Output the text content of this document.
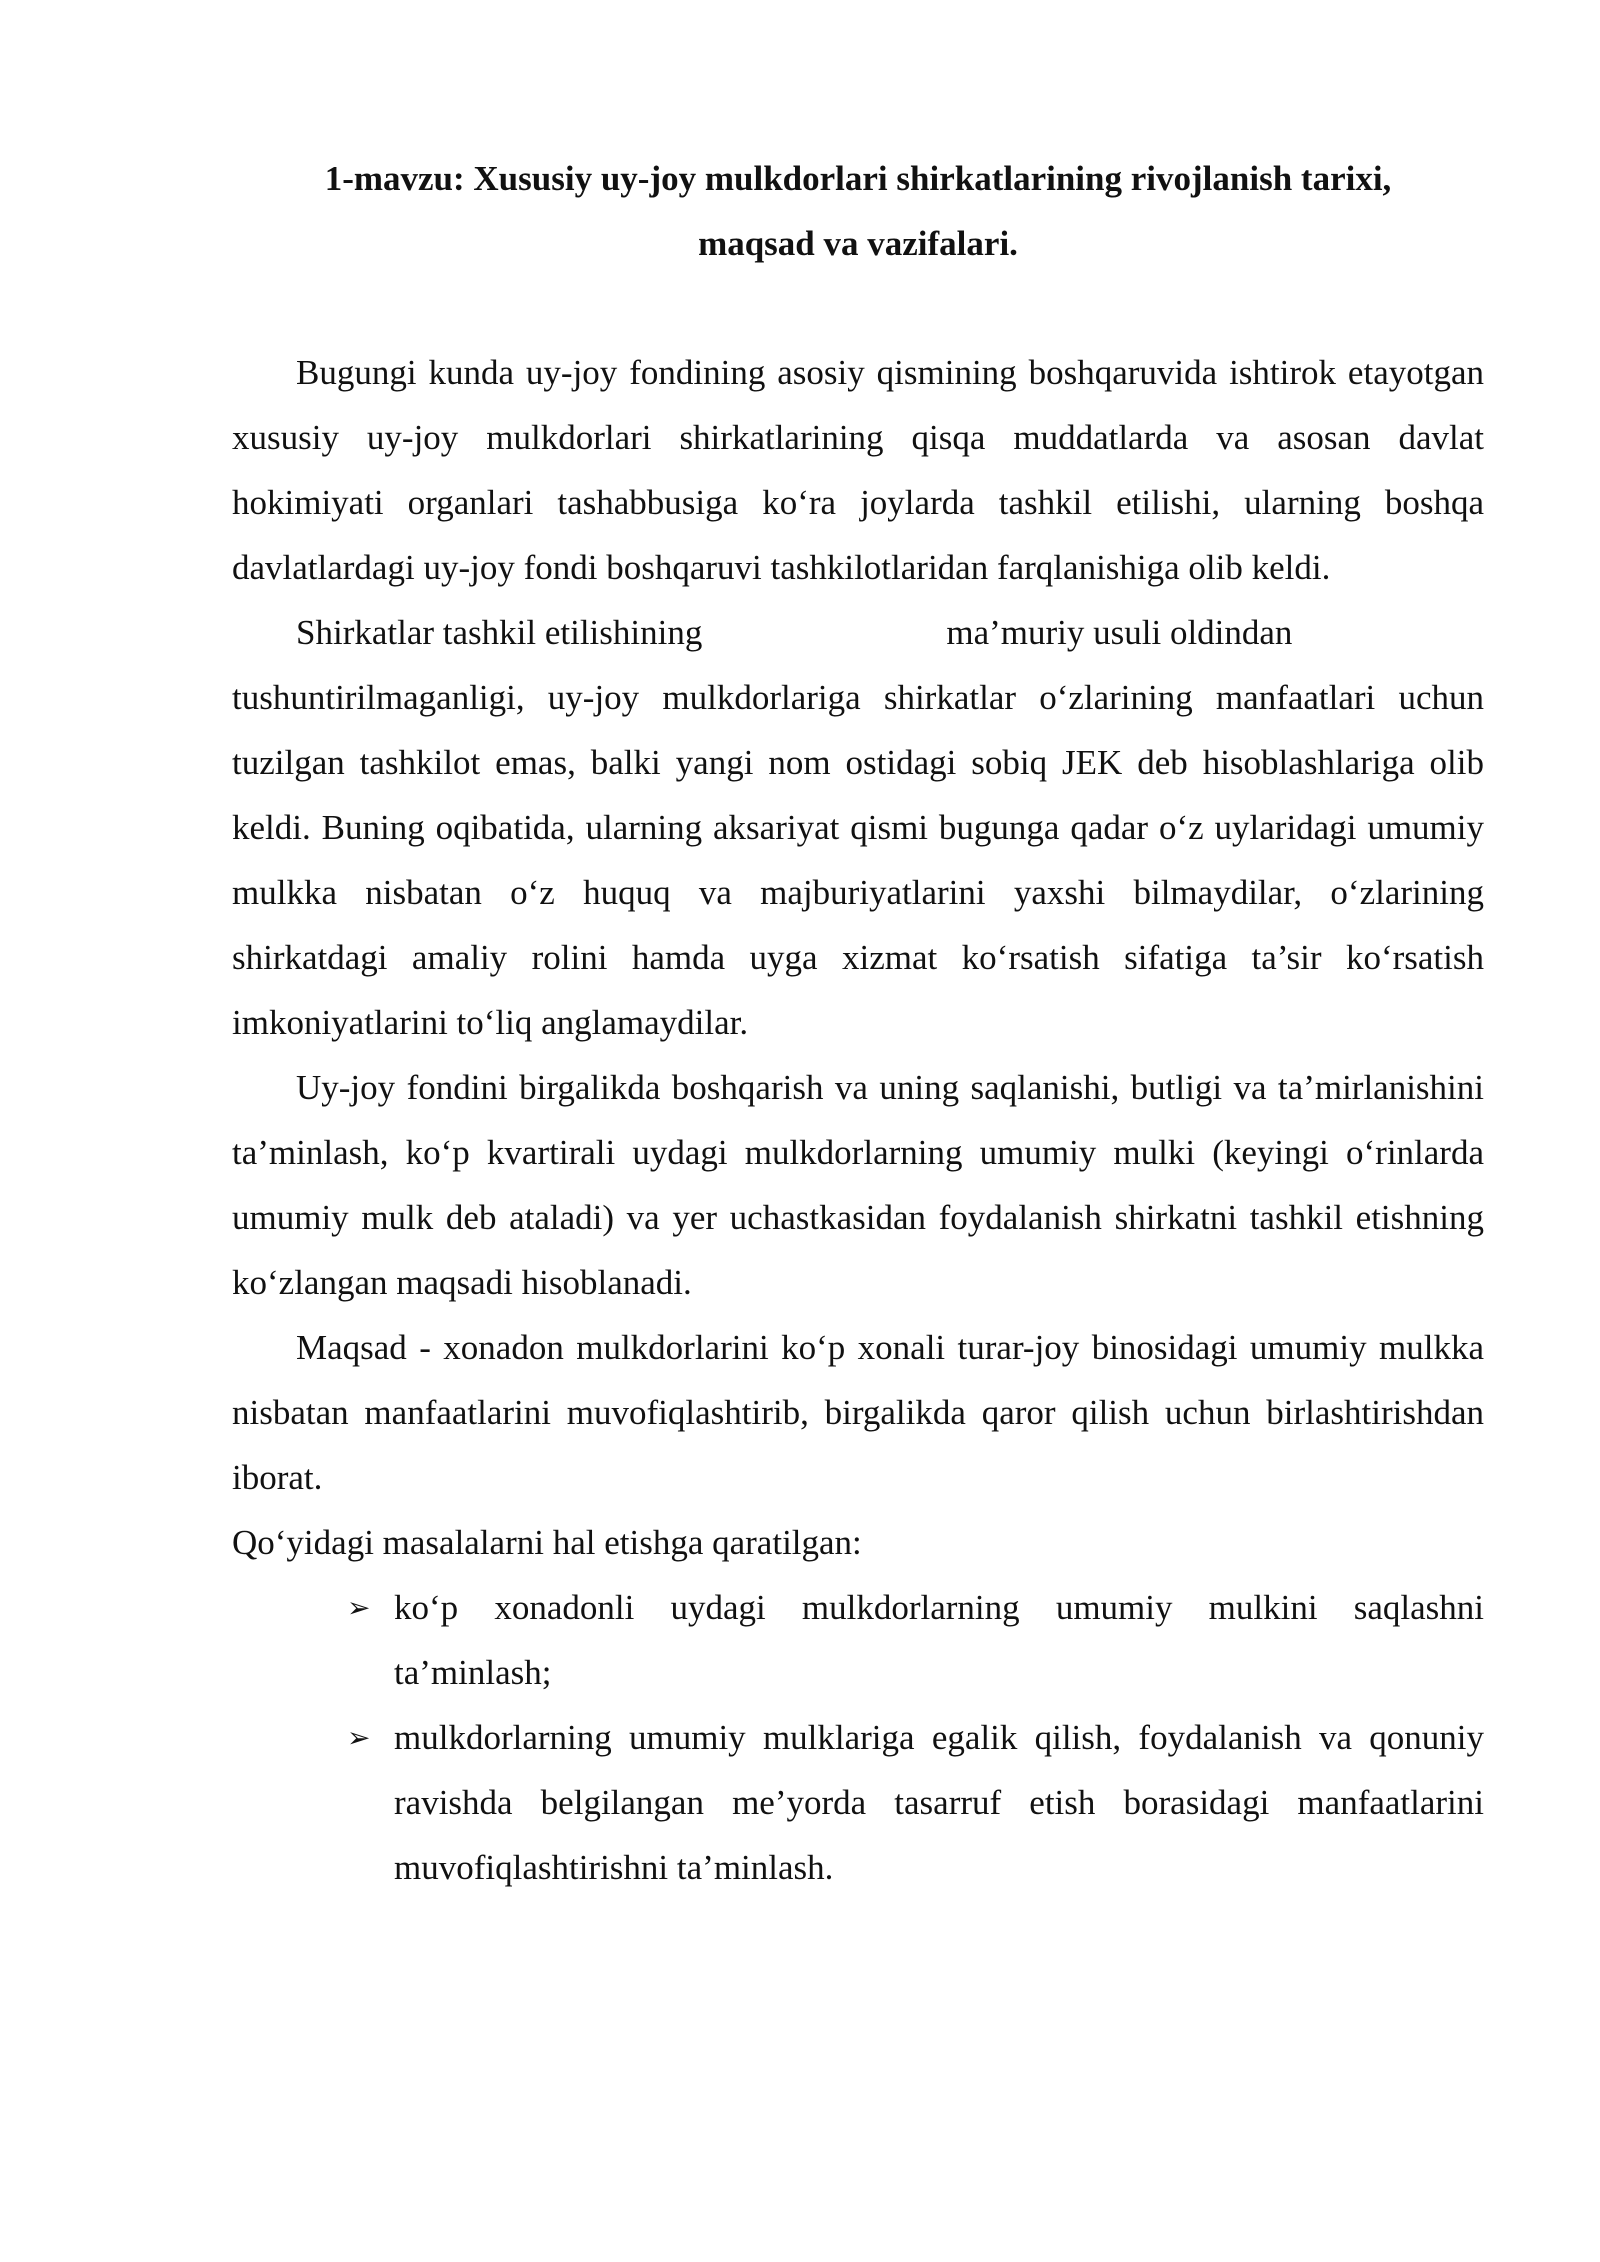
1-mavzu: Xususiy uy-joy mulkdorlari shirkatlarining rivojlanish tarixi,
maqsad va vazifalari.

Bugungi kunda uy-joy fondining asosiy qismining boshqaruvida ishtirok etayotgan xususiy uy-joy mulkdorlari shirkatlarining qisqa muddatlarda va asosan davlat hokimiyati organlari tashabbusiga ko‘ra joylarda tashkil etilishi, ularning boshqa davlatlardagi uy-joy fondi boshqaruvi tashkilotlaridan farqlanishiga olib keldi.

Shirkatlar tashkil etilishining	ma’muriy usuli oldindan

tushuntirilmaganligi, uy-joy mulkdorlariga shirkatlar o‘zlarining manfaatlari uchun tuzilgan tashkilot emas, balki yangi nom ostidagi sobiq JEK deb hisoblashlariga olib keldi. Buning oqibatida, ularning aksariyat qismi bugunga qadar o‘z uylaridagi umumiy mulkka nisbatan o‘z huquq va majburiyatlarini yaxshi bilmaydilar, o‘zlarining shirkatdagi amaliy rolini hamda uyga xizmat ko‘rsatish sifatiga ta’sir ko‘rsatish imkoniyatlarini to‘liq anglamaydilar.

Uy-joy fondini birgalikda boshqarish va uning saqlanishi, butligi va ta’mirlanishini ta’minlash, ko‘p kvartirali uydagi mulkdorlarning umumiy mulki (keyingi o‘rinlarda umumiy mulk deb ataladi) va yer uchastkasidan foydalanish shirkatni tashkil etishning ko‘zlangan maqsadi hisoblanadi.

Maqsad - xonadon mulkdorlarini ko‘p xonali turar-joy binosidagi umumiy mulkka nisbatan manfaatlarini muvofiqlashtirib, birgalikda qaror qilish uchun birlashtirishdan iborat.

Qo‘yidagi masalalarni hal etishga qaratilgan:

➢ ko‘p xonadonli uydagi mulkdorlarning umumiy mulkini saqlashni ta’minlash;
➢ mulkdorlarning umumiy mulklariga egalik qilish, foydalanish va qonuniy ravishda belgilangan me’yorda tasarruf etish borasidagi manfaatlarini muvofiqlashtirishni ta’minlash.
